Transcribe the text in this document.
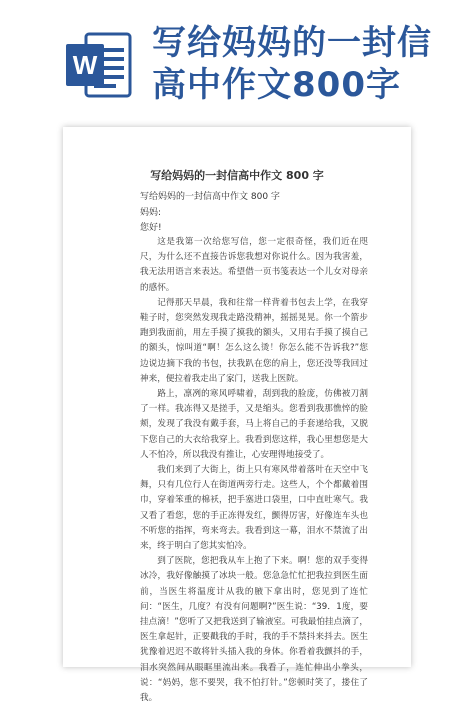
W
写给妈妈的一封信
高中作文800字
写给妈妈的一封信高中作文 800 字
写给妈妈的一封信高中作文 800 字
妈妈:
您好!

这是我第一次给您写信，您一定很奇怪，我们近在咫尺，为什么还不直接告诉您我想对你说什么。因为我害羞，我无法用语言来表达。希望借一页书笺表达一个儿女对母亲的感怀。

记得那天早晨，我和往常一样背着书包去上学，在我穿鞋子时，您突然发现我走路没精神，摇摇晃晃。你一个箭步跑到我面前，用左手摸了摸我的额头，又用右手摸了摸自己的额头，惊叫道“啊！怎么这么烫！你怎么能不告诉我?”您边说边摘下我的书包，扶我趴在您的肩上，您还没等我回过神来，便拉着我走出了家门，送我上医院。

路上，凛冽的寒风呼啸着，刮到我的脸庞，仿佛被刀割了一样。我冻得又是搓手，又是缩头。您看到我那憔悴的脸颊，发现了我没有戴手套，马上将自己的手套递给我，又脱下您自己的大衣给我穿上。我看到您这样，我心里想您是大人不怕冷，所以我没有推让，心安理得地接受了。

我们来到了大街上，街上只有寒风带着落叶在天空中飞舞，只有几位行人在街道两旁行走。这些人，个个都戴着围巾，穿着笨重的棉袄，把手塞进口袋里，口中直吐寒气。我又看了看您，您的手正冻得发红，颤得厉害，好像连车头也不听您的指挥，弯来弯去。我看到这一幕，泪水不禁流了出来，终于明白了您其实怕冷。

到了医院，您把我从车上抱了下来。啊！您的双手变得冰冷，我好像触摸了冰块一般。您急急忙忙把我拉到医生面前，当医生将温度计从我的腋下拿出时，您见到了连忙问：“医生，几度？有没有问题啊?”医生说：“39．1度，要挂点滴！”您听了又把我送到了输液室。可我最怕挂点滴了，医生拿起针，正要戳我的手时，我的手不禁抖来抖去。医生犹豫着迟迟不敢将针头插入我的身体。你看着我颤抖的手，泪水突然间从眼眶里流出来。我看了，连忙伸出小拳头，说：“妈妈，您不要哭，我不怕打针。”您顿时笑了，搂住了我。
